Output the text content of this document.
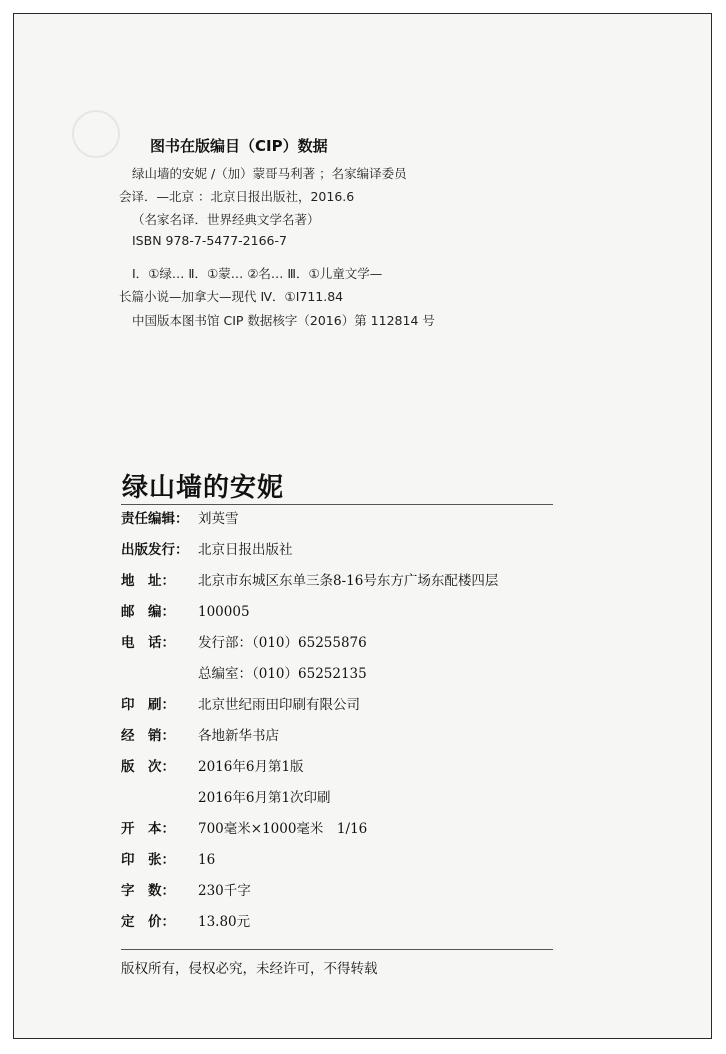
图书在版编目（CIP）数据
绿山墙的安妮 /（加）蒙哥马利著 ；名家编译委员
会译．—北京 ：北京日报出版社，2016.6
（名家名译．世界经典文学名著）
ISBN 978-7-5477-2166-7
Ⅰ．①绿… Ⅱ．①蒙… ②名… Ⅲ．①儿童文学—
长篇小说—加拿大—现代 Ⅳ．①I711.84
中国版本图书馆 CIP 数据核字（2016）第 112814 号
绿山墙的安妮
责任编辑： 刘英雪
出版发行： 北京日报出版社
地　址： 北京市东城区东单三条8-16号东方广场东配楼四层
邮　编： 100005
电　话： 发行部：（010）65255876
总编室：（010）65252135
印　刷： 北京世纪雨田印刷有限公司
经　销： 各地新华书店
版　次： 2016年6月第1版
2016年6月第1次印刷
开　本： 700毫米×1000毫米　1/16
印　张： 16
字　数： 230千字
定　价： 13.80元
版权所有，侵权必究，未经许可，不得转载
